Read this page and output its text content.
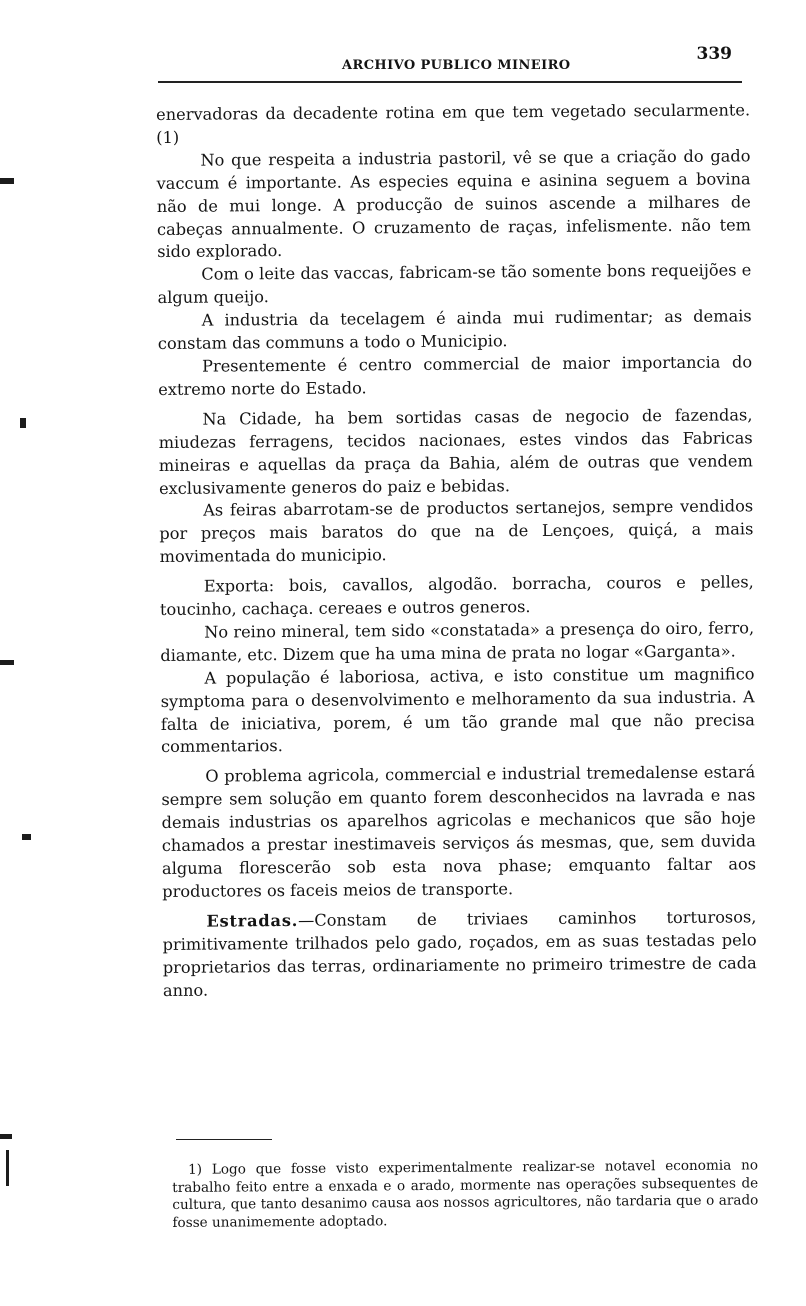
ARCHIVO PUBLICO MINEIRO
339

enervadoras da decadente rotina em que tem vegetado secularmente. (1)

No que respeita a industria pastoril, vê se que a criação do gado vaccum é importante. As especies equina e asinina seguem a bovina não de mui longe. A producção de suinos ascende a milhares de cabeças annualmente. O cruzamento de raças, infelismente. não tem sido explorado.

Com o leite das vaccas, fabricam-se tão somente bons requeijões e algum queijo.

A industria da tecelagem é ainda mui rudimentar; as demais constam das communs a todo o Municipio.

Presentemente é centro commercial de maior importancia do extremo norte do Estado.

Na Cidade, ha bem sortidas casas de negocio de fazendas, miudezas ferragens, tecidos nacionaes, estes vindos das Fabricas mineiras e aquellas da praça da Bahia, além de outras que vendem exclusivamente generos do paiz e bebidas.

As feiras abarrotam-se de productos sertanejos, sempre vendidos por preços mais baratos do que na de Lençoes, quiçá, a mais movimentada do municipio.

Exporta: bois, cavallos, algodão. borracha, couros e pelles, toucinho, cachaça. cereaes e outros generos.

No reino mineral, tem sido «constatada» a presença do oiro, ferro, diamante, etc. Dizem que ha uma mina de prata no logar «Garganta».

A população é laboriosa, activa, e isto constitue um magnifico symptoma para o desenvolvimento e melhoramento da sua industria. A falta de iniciativa, porem, é um tão grande mal que não precisa commentarios.

O problema agricola, commercial e industrial tremedalense estará sempre sem solução em quanto forem desconhecidos na lavrada e nas demais industrias os aparelhos agricolas e mechanicos que são hoje chamados a prestar inestimaveis serviços ás mesmas, que, sem duvida alguma florescerão sob esta nova phase; emquanto faltar aos productores os faceis meios de transporte.

Estradas.—Constam de triviaes caminhos torturosos, primitivamente trilhados pelo gado, roçados, em as suas testadas pelo proprietarios das terras, ordinariamente no primeiro trimestre de cada anno.

1) Logo que fosse visto experimentalmente realizar-se notavel economia no trabalho feito entre a enxada e o arado, mormente nas operações subsequentes de cultura, que tanto desanimo causa aos nossos agricultores, não tardaria que o arado fosse unanimemente adoptado.
